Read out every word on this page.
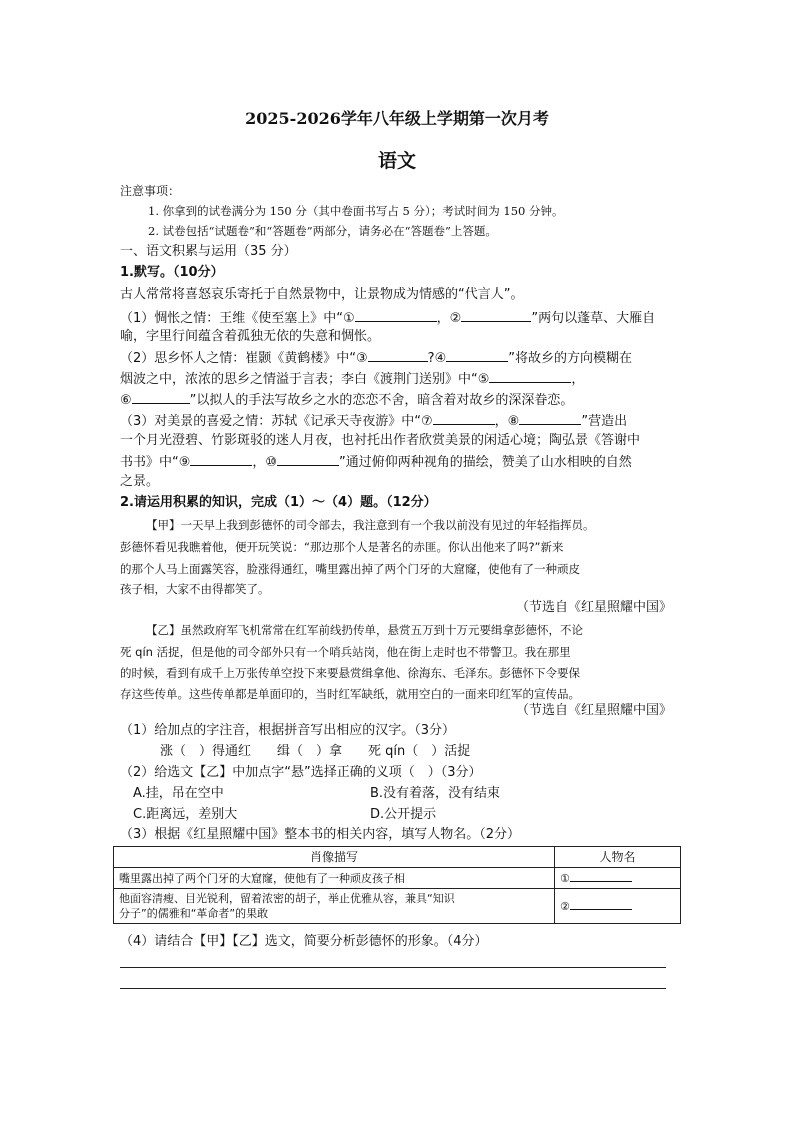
2025-2026学年八年级上学期第一次月考
语文
注意事项：
1. 你拿到的试卷满分为 150 分（其中卷面书写占 5 分）；考试时间为 150 分钟。
2. 试卷包括“试题卷”和“答题卷”两部分，请务必在“答题卷”上答题。
一、语文积累与运用（35 分）
1.默写。（10分）
古人常常将喜怒哀乐寄托于自然景物中，让景物成为情感的“代言人”。
（1）惆怅之情：王维《使至塞上》中“①	，②	”两句以蓬草、大雁自
喻，字里行间蕴含着孤独无依的失意和惆怅。
（2）思乡怀人之情：崔颢《黄鹤楼》中“③	?④	”将故乡的方向模糊在
烟波之中，浓浓的思乡之情溢于言表；李白《渡荆门送别》中“⑤	，
⑥	”以拟人的手法写故乡之水的恋恋不舍，暗含着对故乡的深深眷恋。
（3）对美景的喜爱之情：苏轼《记承天寺夜游》中“⑦	，⑧	”营造出
一个月光澄碧、竹影斑驳的迷人月夜，也衬托出作者欣赏美景的闲适心境；陶弘景《答谢中
书书》中“⑨	，⑩	”通过俯仰两种视角的描绘，赞美了山水相映的自然
之景。
2.请运用积累的知识，完成（1）～（4）题。（12分）
【甲】一天早上我到彭德怀的司令部去，我注意到有一个我以前没有见过的年轻指挥员。
彭德怀看见我瞧着他，便开玩笑说：“那边那个人是著名的赤匪。你认出他来了吗?”新来
的那个人马上面露笑容，脸涨得通红，嘴里露出掉了两个门牙的大窟窿，使他有了一种顽皮
孩子相，大家不由得都笑了。
（节选自《红星照耀中国》
【乙】虽然政府军飞机常常在红军前线扔传单，悬赏五万到十万元要缉拿彭德怀，不论
死 qín 活捉，但是他的司令部外只有一个哨兵站岗，他在街上走时也不带警卫。我在那里
的时候，看到有成千上万张传单空投下来要悬赏缉拿他、徐海东、毛泽东。彭德怀下令要保
存这些传单。这些传单都是单面印的，当时红军缺纸，就用空白的一面来印红军的宣传品。
（节选自《红星照耀中国》
（1）给加点的字注音，根据拼音写出相应的汉字。（3分）
涨（　）得通红　　缉（　）拿　　死 qín（　）活捉
（2）给选文【乙】中加点字“悬”选择正确的义项（　）（3分）
A.挂，吊在空中	B.没有着落，没有结束
C.距离远，差别大	D.公开提示
（3）根据《红星照耀中国》整本书的相关内容，填写人物名。（2分）
肖像描写	人物名
嘴里露出掉了两个门牙的大窟窿，使他有了一种顽皮孩子相	①

他面容清瘦、目光锐利，留着浓密的胡子，举止优雅从容，兼具“知识
分子”的儒雅和“革命者”的果敢	②
（4）请结合【甲】【乙】选文，简要分析彭德怀的形象。（4分）
